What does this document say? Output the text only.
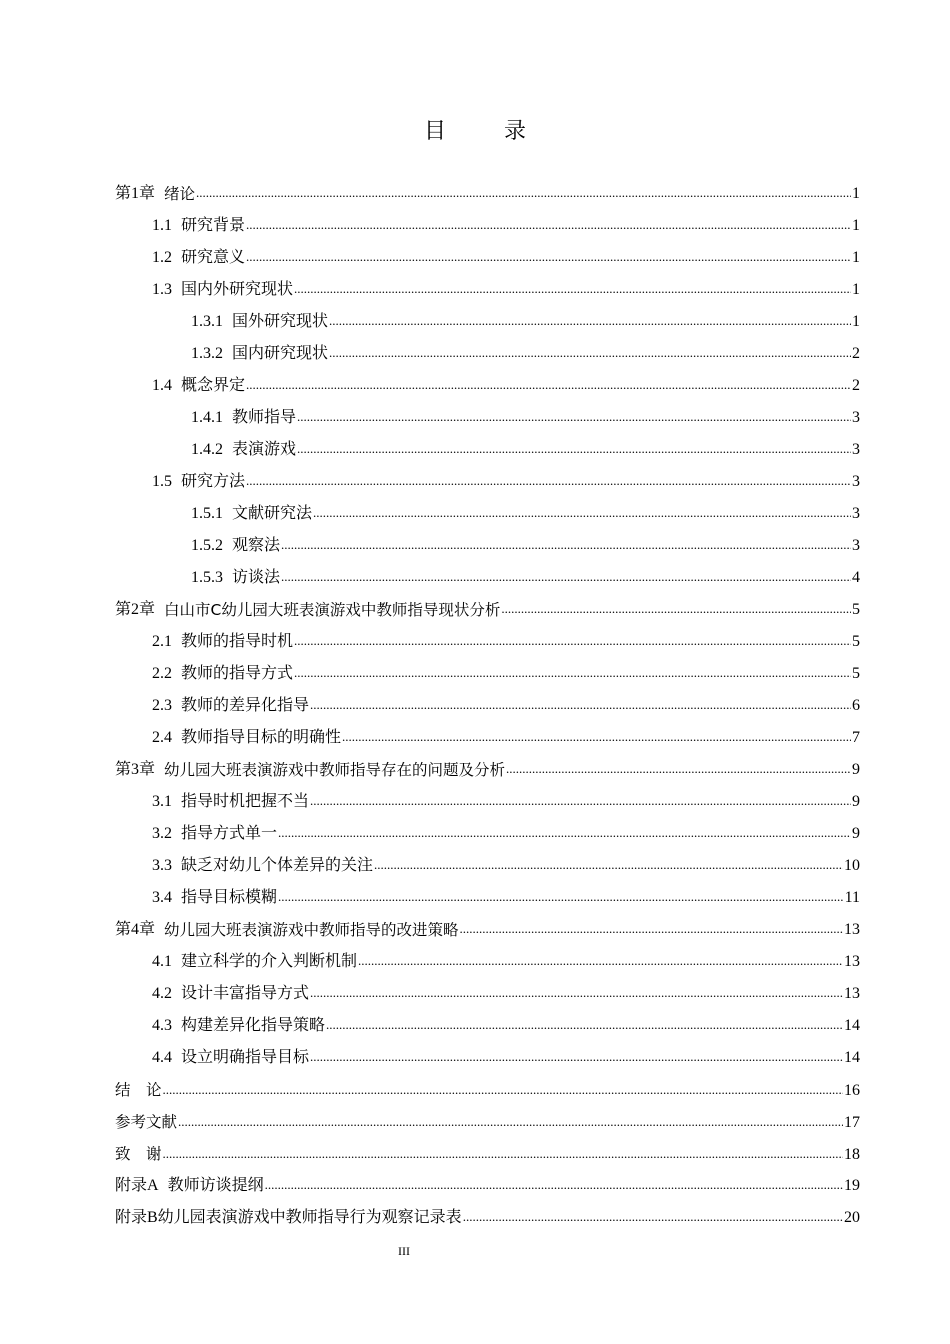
目　录
第1章 绪论 .....	1
1.1 研究背景 .....	1
1.2 研究意义 .....	1
1.3 国内外研究现状 .....	1
1.3.1 国外研究现状 .....	1
1.3.2 国内研究现状 .....	2
1.4 概念界定 .....	2
1.4.1 教师指导 .....	3
1.4.2 表演游戏 .....	3
1.5 研究方法 .....	3
1.5.1 文献研究法 .....	3
1.5.2 观察法 .....	3
1.5.3 访谈法 .....	4
第2章 白山市C幼儿园大班表演游戏中教师指导现状分析 .....	5
2.1 教师的指导时机 .....	5
2.2 教师的指导方式 .....	5
2.3 教师的差异化指导 .....	6
2.4 教师指导目标的明确性 .....	7
第3章 幼儿园大班表演游戏中教师指导存在的问题及分析 .....	9
3.1 指导时机把握不当 .....	9
3.2 指导方式单一 .....	9
3.3 缺乏对幼儿个体差异的关注 .....	10
3.4 指导目标模糊 .....	11
第4章 幼儿园大班表演游戏中教师指导的改进策略 .....	13
4.1 建立科学的介入判断机制 .....	13
4.2 设计丰富指导方式 .....	13
4.3 构建差异化指导策略 .....	14
4.4 设立明确指导目标 .....	14
结　论 .....	16
参考文献 .....	17
致　谢 .....	18
附录A 教师访谈提纲 .....	19
附录B幼儿园表演游戏中教师指导行为观察记录表 .....	20
III
